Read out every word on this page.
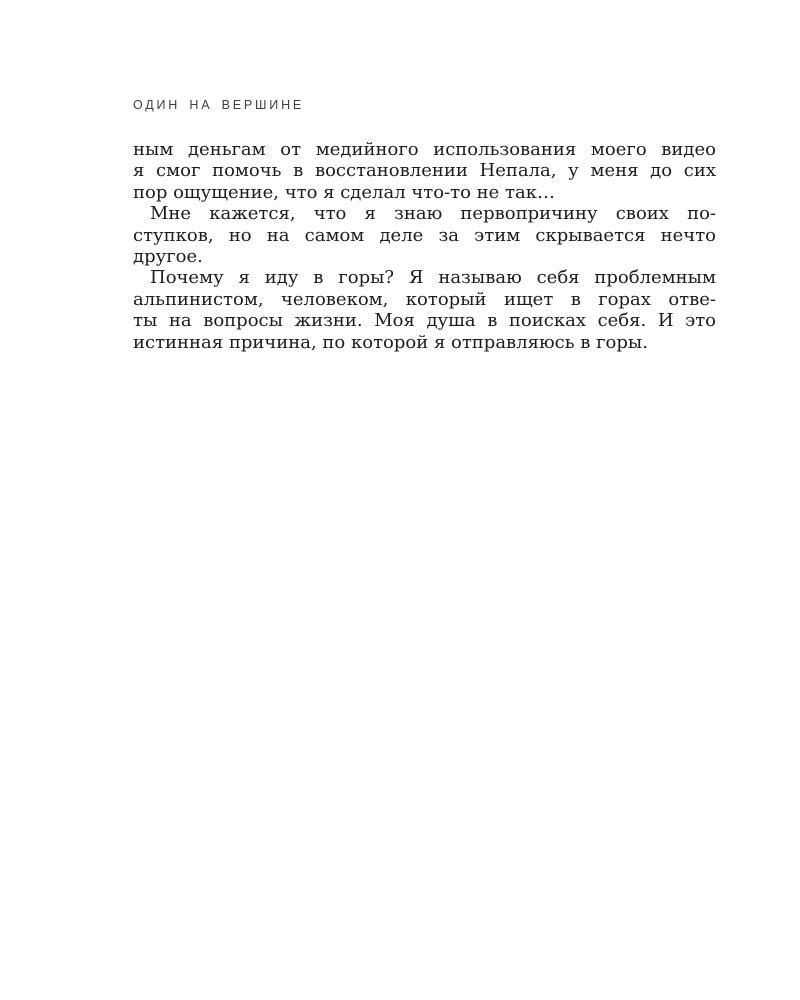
ОДИН НА ВЕРШИНЕ
ным деньгам от медийного использования моего видео
я смог помочь в восстановлении Непала, у меня до сих
пор ощущение, что я сделал что-то не так…
Мне кажется, что я знаю первопричину своих по-
ступков, но на самом деле за этим скрывается нечто
другое.
Почему я иду в горы? Я называю себя проблемным
альпинистом, человеком, который ищет в горах отве-
ты на вопросы жизни. Моя душа в поисках себя. И это
истинная причина, по которой я отправляюсь в горы.
